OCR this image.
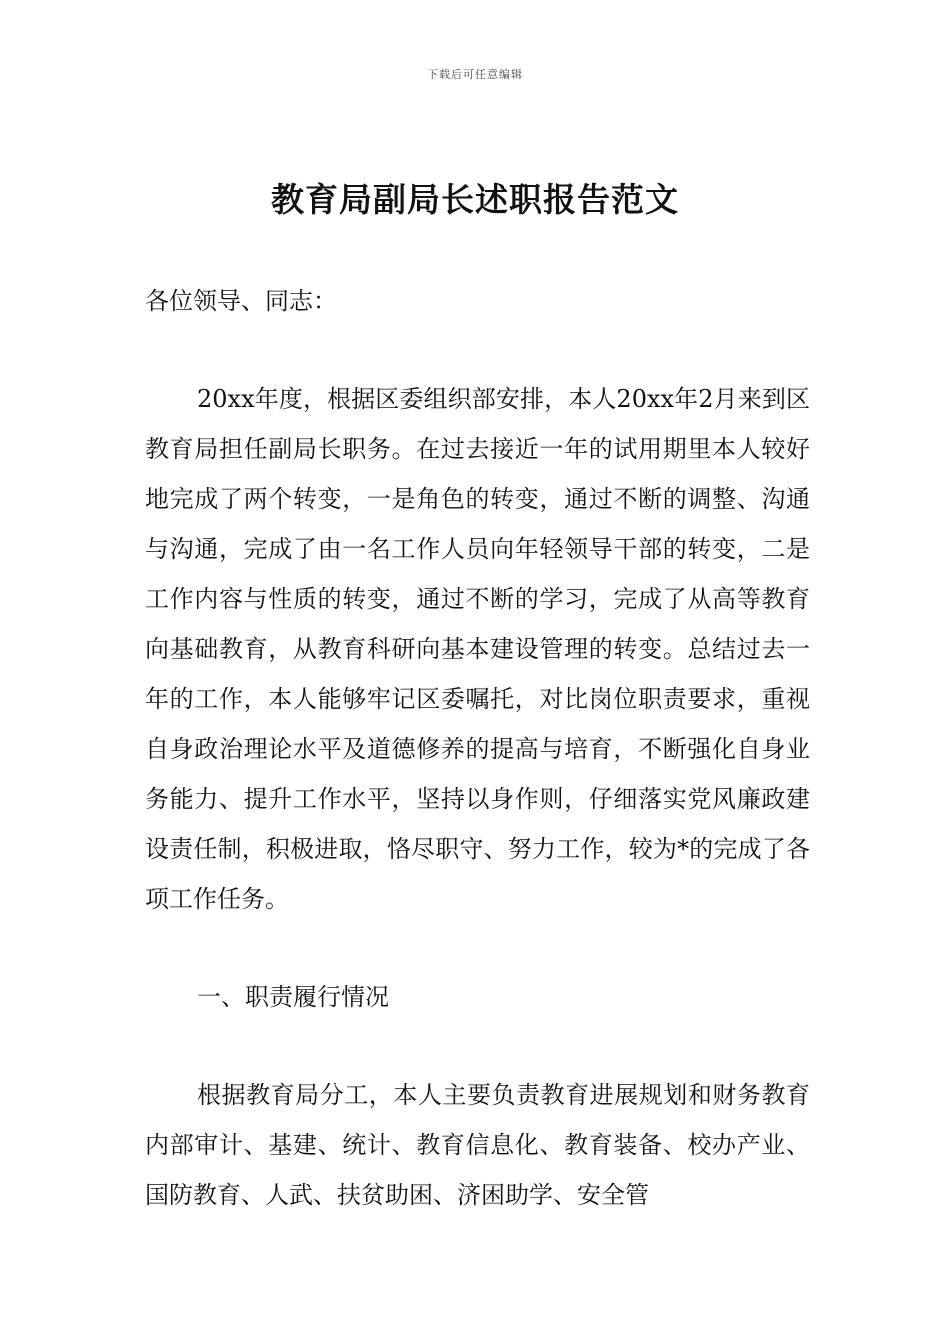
下载后可任意编辑
教育局副局长述职报告范文

各位领导、同志：

20xx年度，根据区委组织部安排，本人20xx年2月来到区教育局担任副局长职务。在过去接近一年的试用期里本人较好地完成了两个转变，一是角色的转变，通过不断的调整、沟通与沟通，完成了由一名工作人员向年轻领导干部的转变，二是工作内容与性质的转变，通过不断的学习，完成了从高等教育向基础教育，从教育科研向基本建设管理的转变。总结过去一年的工作，本人能够牢记区委嘱托，对比岗位职责要求，重视自身政治理论水平及道德修养的提高与培育，不断强化自身业务能力、提升工作水平，坚持以身作则，仔细落实党风廉政建设责任制，积极进取，恪尽职守、努力工作，较为*的完成了各项工作任务。

一、职责履行情况

根据教育局分工，本人主要负责教育进展规划和财务教育内部审计、基建、统计、教育信息化、教育装备、校办产业、国防教育、人武、扶贫助困、济困助学、安全管
